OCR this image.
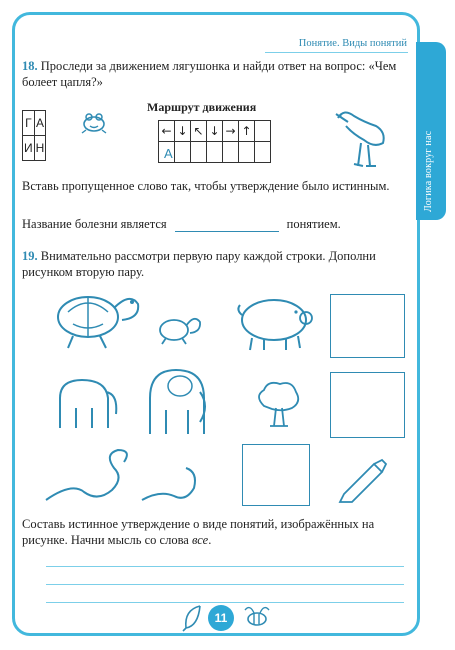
Логика вокруг нас
Понятие. Виды понятий
18. Проследи за движением лягушонка и найди ответ на вопрос: «Чем болеет цапля?»
Г	А
И	Н
Маршрут движения
←	↓	↖	↓	→	↑	

А
Вставь пропущенное слово так, чтобы утверждение было истинным.
Название болезни является	понятием.
19. Внимательно рассмотри первую пару каждой строки. Дополни рисунком вторую пару.
Составь истинное утверждение о виде понятий, изображённых на рисунке. Начни мысль со слова все.
11
